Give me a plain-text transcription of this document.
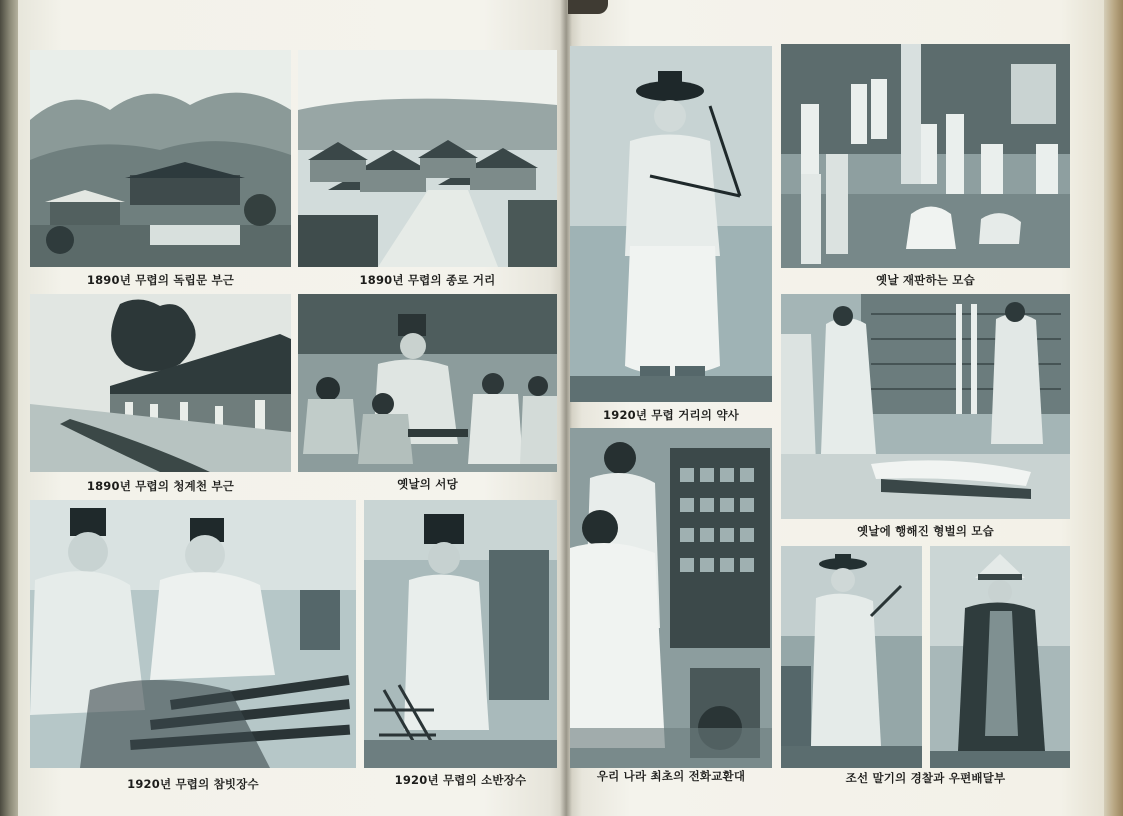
1890년 무렵의 독립문 부근	1890년 무렵의 종로 거리
1890년 무렵의 청계천 부근	옛날의 서당
1920년 무렵의 참빗장수	1920년 무렵의 소반장수
1920년 무렵 거리의 약사
옛날 재판하는 모습
옛날에 행해진 형벌의 모습
우리 나라 최초의 전화교환대	조선 말기의 경찰과 우편배달부
